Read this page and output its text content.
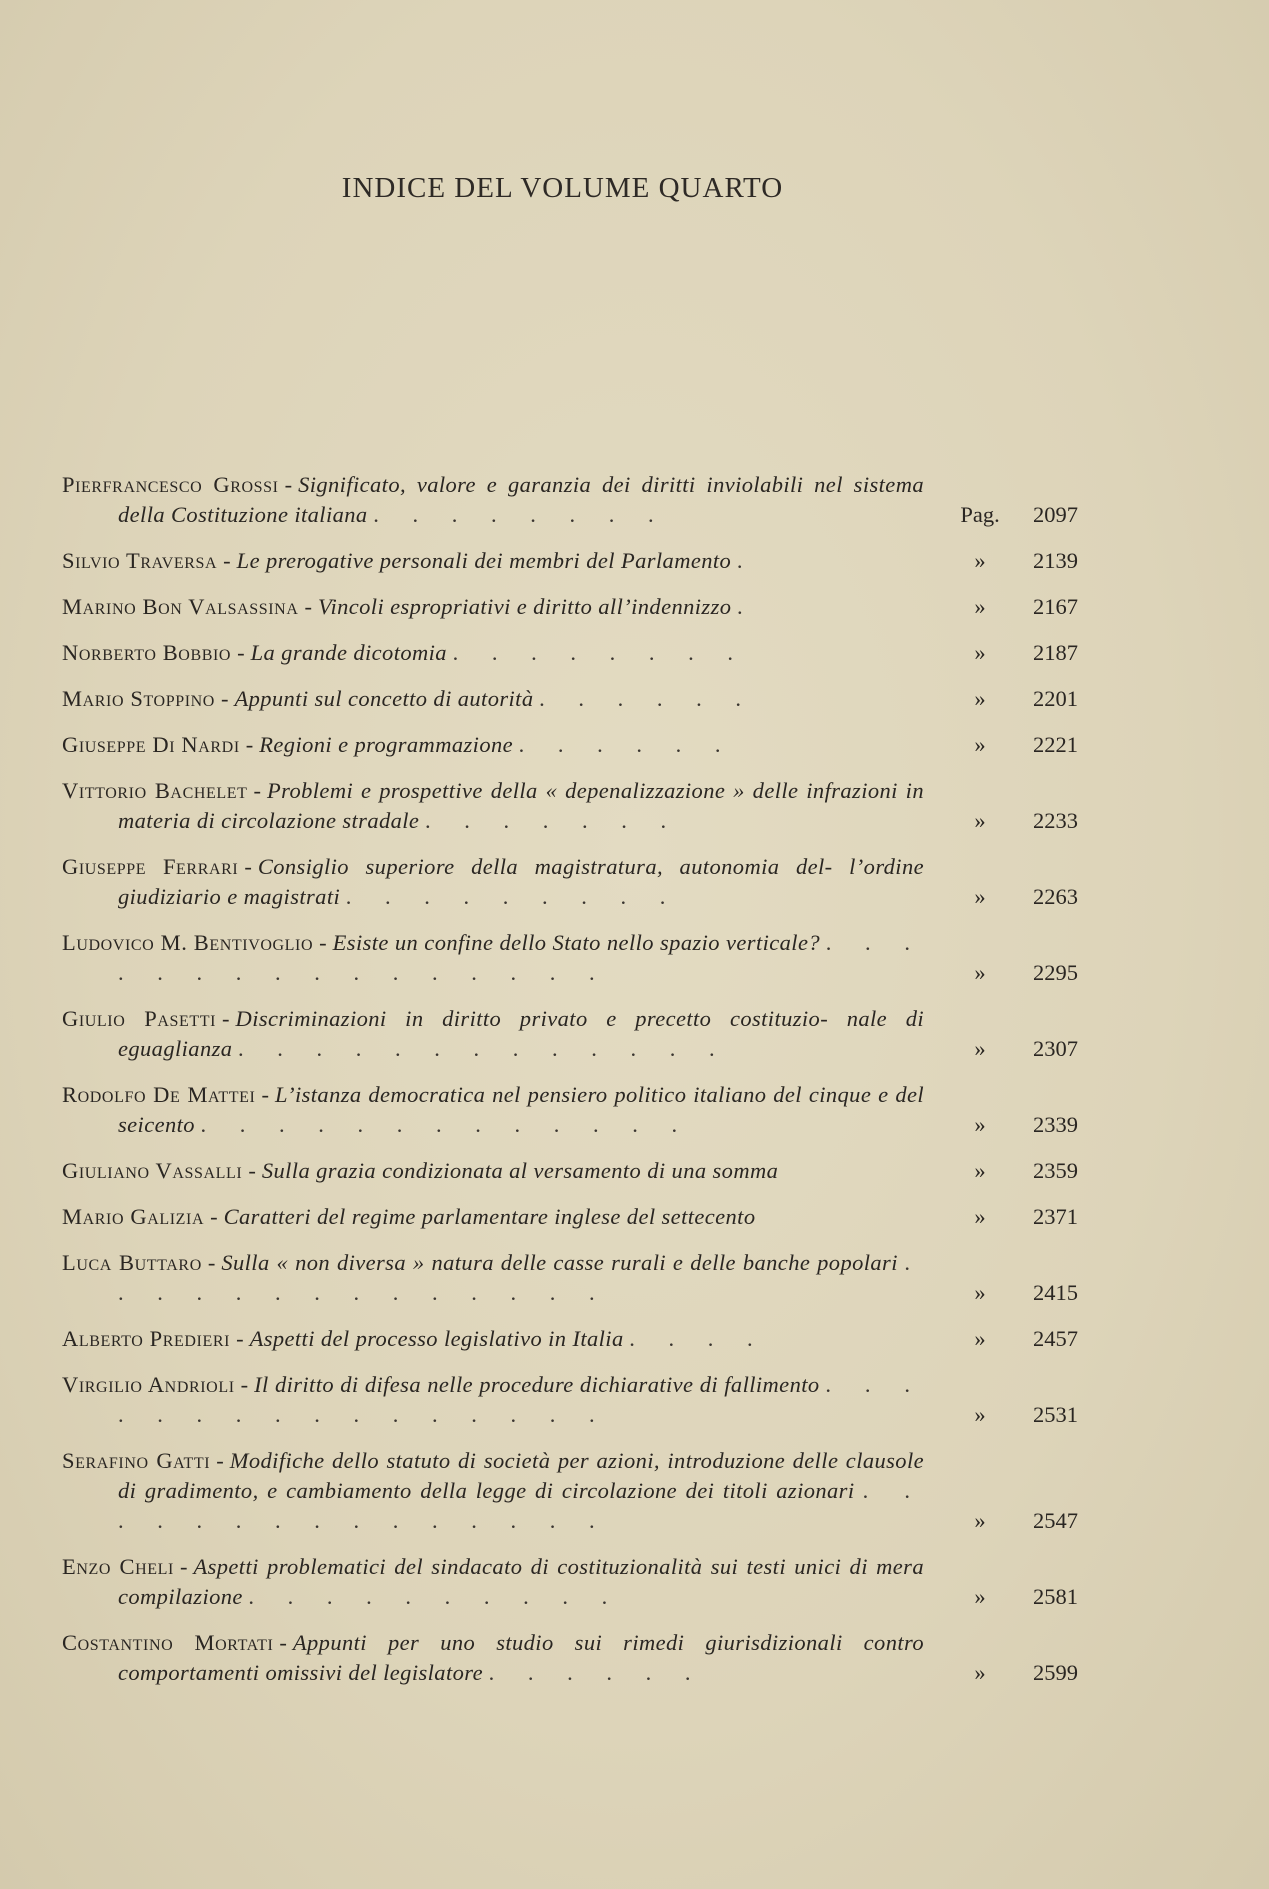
INDICE DEL VOLUME QUARTO
Pierfrancesco Grossi - Significato, valore e garanzia dei diritti inviolabili nel sistema della Costituzione italiana . . . . . . . .	Pag.	2097
Silvio Traversa - Le prerogative personali dei membri del Parlamento .	»	2139
Marino Bon Valsassina - Vincoli espropriativi e diritto all’indennizzo .	»	2167
Norberto Bobbio - La grande dicotomia . . . . . . . .	»	2187
Mario Stoppino - Appunti sul concetto di autorità . . . . . .	»	2201
Giuseppe Di Nardi - Regioni e programmazione . . . . . .	»	2221
Vittorio Bachelet - Problemi e prospettive della « depenalizzazione » delle infrazioni in materia di circolazione stradale . . . . . . .	»	2233
Giuseppe Ferrari - Consiglio superiore della magistratura, autonomia del- l’ordine giudiziario e magistrati . . . . . . . . .	»	2263
Ludovico M. Bentivoglio - Esiste un confine dello Stato nello spazio verticale? . . . . . . . . . . . . . . . .	»	2295
Giulio Pasetti - Discriminazioni in diritto privato e precetto costituzio- nale di eguaglianza . . . . . . . . . . . . .	»	2307
Rodolfo De Mattei - L’istanza democratica nel pensiero politico italiano del cinque e del seicento . . . . . . . . . . . . .	»	2339
Giuliano Vassalli - Sulla grazia condizionata al versamento di una somma	»	2359
Mario Galizia - Caratteri del regime parlamentare inglese del settecento	»	2371
Luca Buttaro - Sulla « non diversa » natura delle casse rurali e delle banche popolari . . . . . . . . . . . . . .	»	2415
Alberto Predieri - Aspetti del processo legislativo in Italia . . . .	»	2457
Virgilio Andrioli - Il diritto di difesa nelle procedure dichiarative di fallimento . . . . . . . . . . . . . . . .	»	2531
Serafino Gatti - Modifiche dello statuto di società per azioni, introduzione delle clausole di gradimento, e cambiamento della legge di circolazione dei titoli azionari . . . . . . . . . . . . . . .	»	2547
Enzo Cheli - Aspetti problematici del sindacato di costituzionalità sui testi unici di mera compilazione . . . . . . . . . .	»	2581
Costantino Mortati - Appunti per uno studio sui rimedi giurisdizionali contro comportamenti omissivi del legislatore . . . . . .	»	2599
